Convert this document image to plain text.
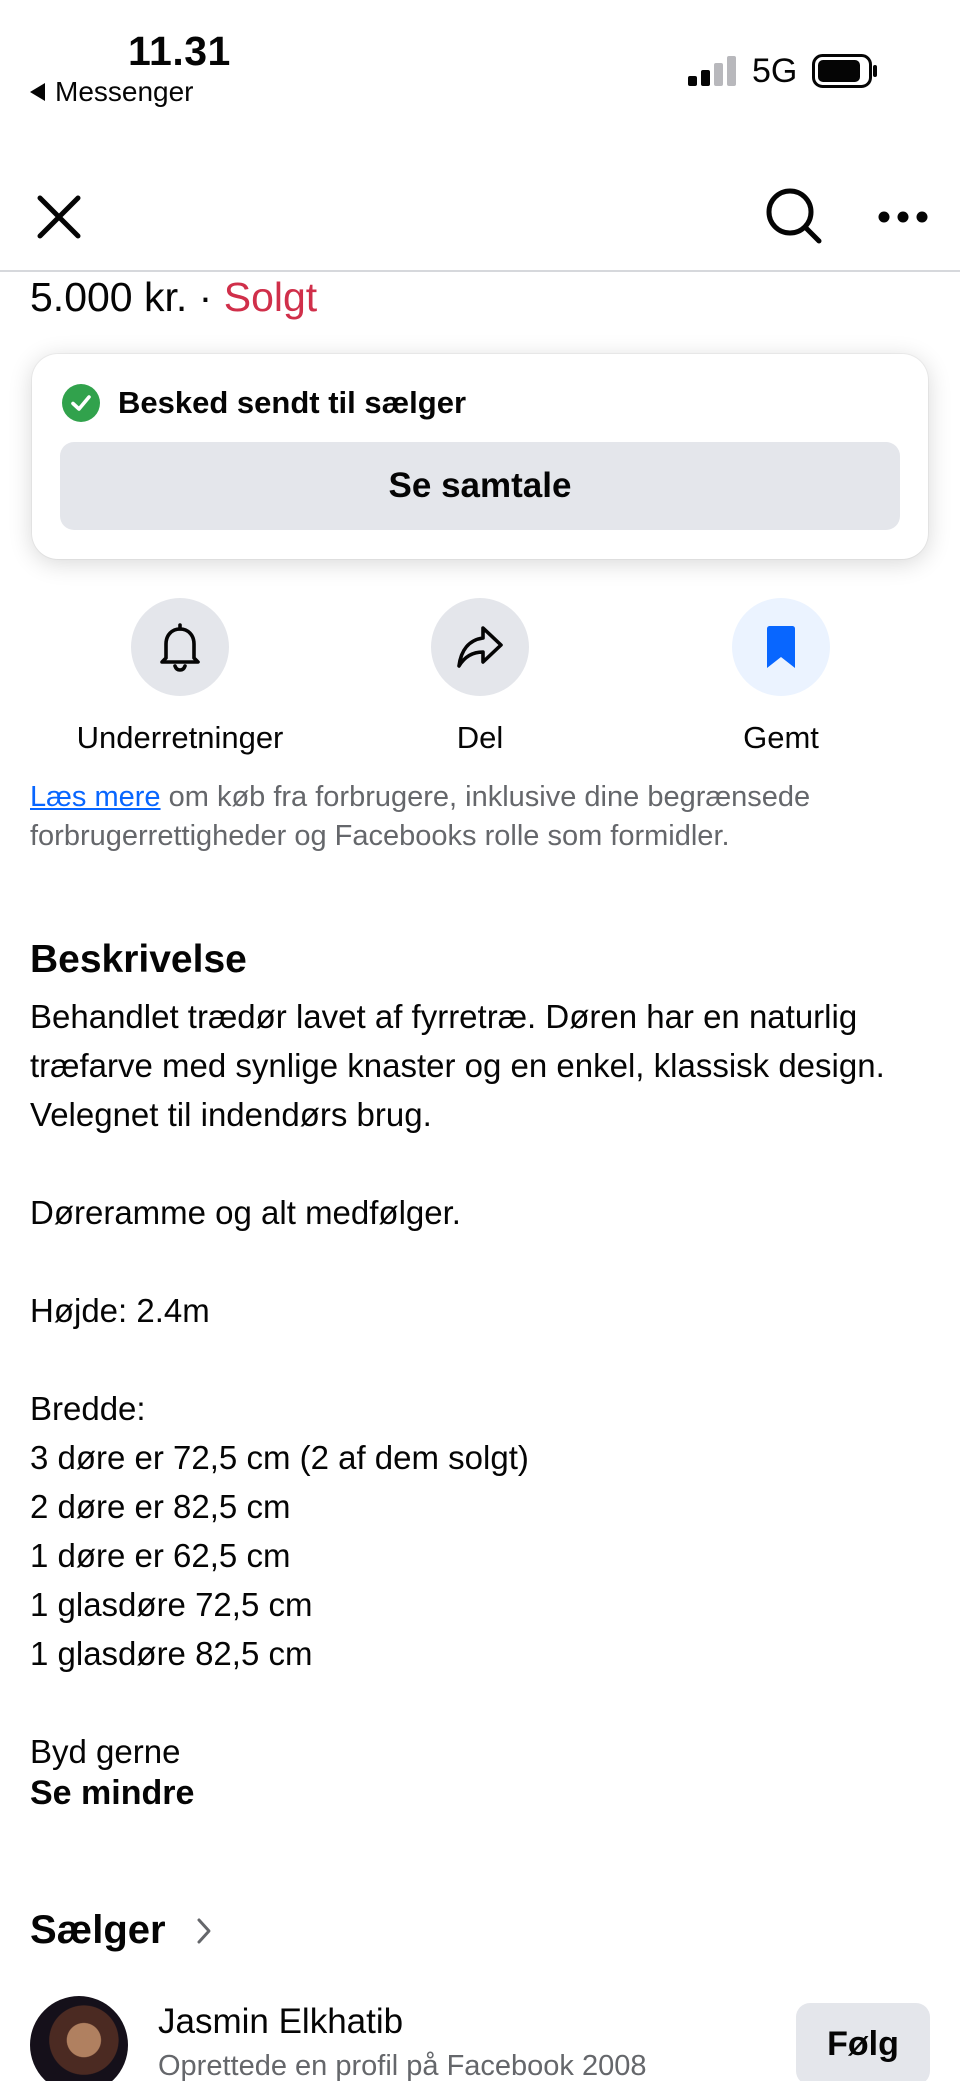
11.31
Messenger
5G
5.000 kr. · Solgt
Besked sendt til sælger
Se samtale
Underretninger	Del	Gemt
Læs mere om køb fra forbrugere, inklusive dine begrænsede forbrugerrettigheder og Facebooks rolle som formidler.
Beskrivelse
Behandlet trædør lavet af fyrretræ. Døren har en naturlig træfarve med synlige knaster og en enkel, klassisk design. Velegnet til indendørs brug.

Døreramme og alt medfølger.

Højde: 2.4m

Bredde:
3 døre er 72,5 cm (2 af dem solgt)
2 døre er 82,5 cm
1 døre er 62,5 cm
1 glasdøre 72,5 cm
1 glasdøre 82,5 cm

Byd gerne
Se mindre
Sælger
Jasmin Elkhatib
Oprettede en profil på Facebook 2008
Følg
